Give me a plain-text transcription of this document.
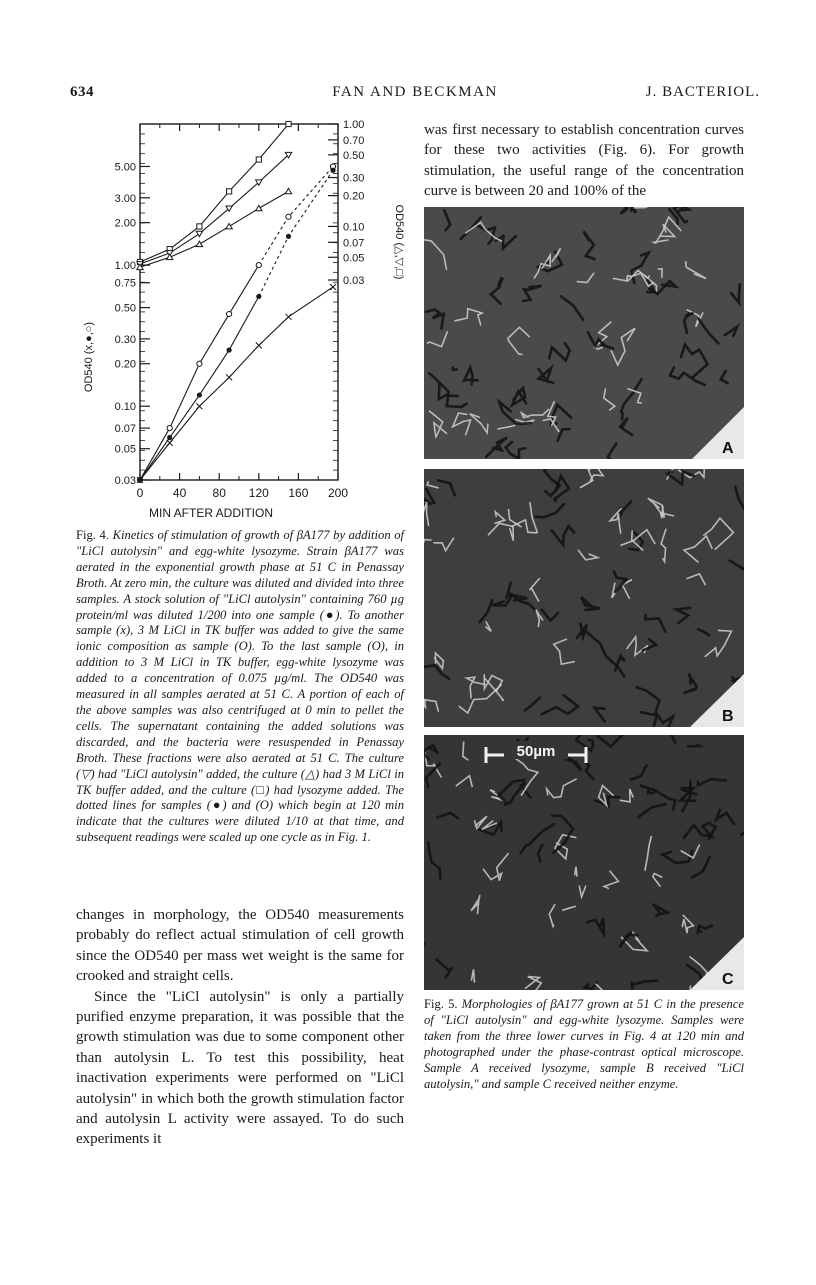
634	FAN AND BECKMAN	J. BACTERIOL.
0 40 80 120 160 200
5.00
3.00
2.00
1.00
0.75
0.50
0.30
0.20
0.10
0.07
0.05
0.03
1.00
0.70
0.50
0.30
0.20
0.10
0.07
0.05
0.03
OD540 (△,▽,□)
OD540 (x,●,○)
MIN AFTER ADDITION
Fig. 4. Kinetics of stimulation of growth of βA177 by addition of "LiCl autolysin" and egg-white lysozyme. Strain βA177 was aerated in the exponential growth phase at 51 C in Penassay Broth. At zero min, the culture was diluted and divided into three samples. A stock solution of "LiCl autolysin" containing 760 µg protein/ml was diluted 1/200 into one sample (●). To another sample (x), 3 M LiCl in TK buffer was added to give the same ionic composition as sample (O). To the last sample (O), in addition to 3 M LiCl in TK buffer, egg-white lysozyme was added to a concentration of 0.075 µg/ml. The OD540 was measured in all samples aerated at 51 C. A portion of each of the above samples was also centrifuged at 0 min to pellet the cells. The supernatant containing the added solutions was discarded, and the bacteria were resuspended in Penassay Broth. These fractions were also aerated at 51 C. The culture (▽) had "LiCl autolysin" added, the culture (△) had 3 M LiCl in TK buffer added, and the culture (□) had lysozyme added. The dotted lines for samples (●) and (O) which begin at 120 min indicate that the cultures were diluted 1/10 at that time, and subsequent readings were scaled up one cycle as in Fig. 1.

changes in morphology, the OD540 measurements probably do reflect actual stimulation of cell growth since the OD540 per mass wet weight is the same for crooked and straight cells.

Since the "LiCl autolysin" is only a partially purified enzyme preparation, it was possible that the growth stimulation was due to some component other than autolysin L. To test this possibility, heat inactivation experiments were performed on "LiCl autolysin" in which both the growth stimulation factor and autolysin L activity were assayed. To do such experiments it

was first necessary to establish concentration curves for these two activities (Fig. 6). For growth stimulation, the useful range of the concentration curve is between 20 and 100% of the
A
B
50µm
C
Fig. 5. Morphologies of βA177 grown at 51 C in the presence of "LiCl autolysin" and egg-white lysozyme. Samples were taken from the three lower curves in Fig. 4 at 120 min and photographed under the phase-contrast optical microscope. Sample A received lysozyme, sample B received "LiCl autolysin," and sample C received neither enzyme.
